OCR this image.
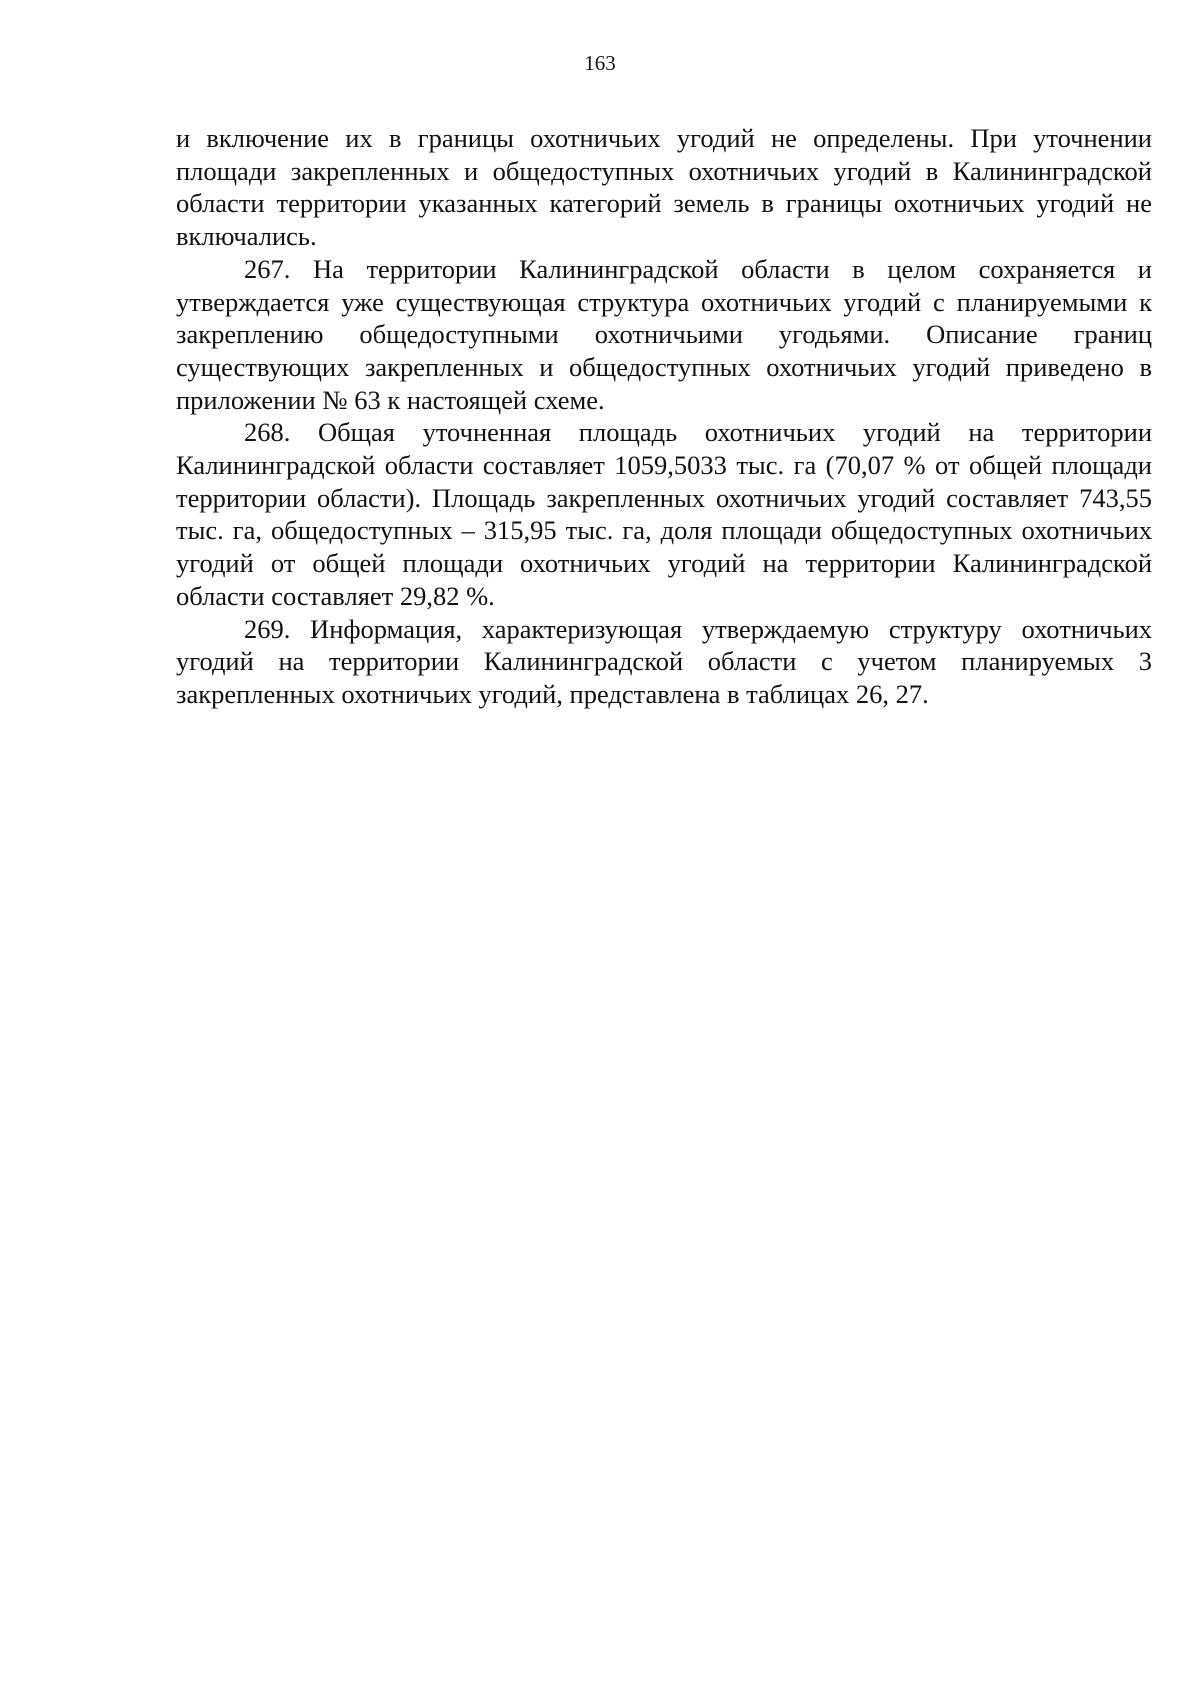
163

и включение их в границы охотничьих угодий не определены. При уточнении площади закрепленных и общедоступных охотничьих угодий в Калининградской области территории указанных категорий земель в границы охотничьих угодий не включались.

267. На территории Калининградской области в целом сохраняется и утверждается уже существующая структура охотничьих угодий с планируемыми к закреплению общедоступными охотничьими угодьями. Описание границ существующих закрепленных и общедоступных охотничьих угодий приведено в приложении № 63 к настоящей схеме.

268. Общая уточненная площадь охотничьих угодий на территории Калининградской области составляет 1059,5033 тыс. га (70,07 % от общей площади территории области). Площадь закрепленных охотничьих угодий составляет 743,55 тыс. га, общедоступных – 315,95 тыс. га, доля площади общедоступных охотничьих угодий от общей площади охотничьих угодий на территории Калининградской области составляет 29,82 %.

269. Информация, характеризующая утверждаемую структуру охотничьих угодий на территории Калининградской области с учетом планируемых 3 закрепленных охотничьих угодий, представлена в таблицах 26, 27.
